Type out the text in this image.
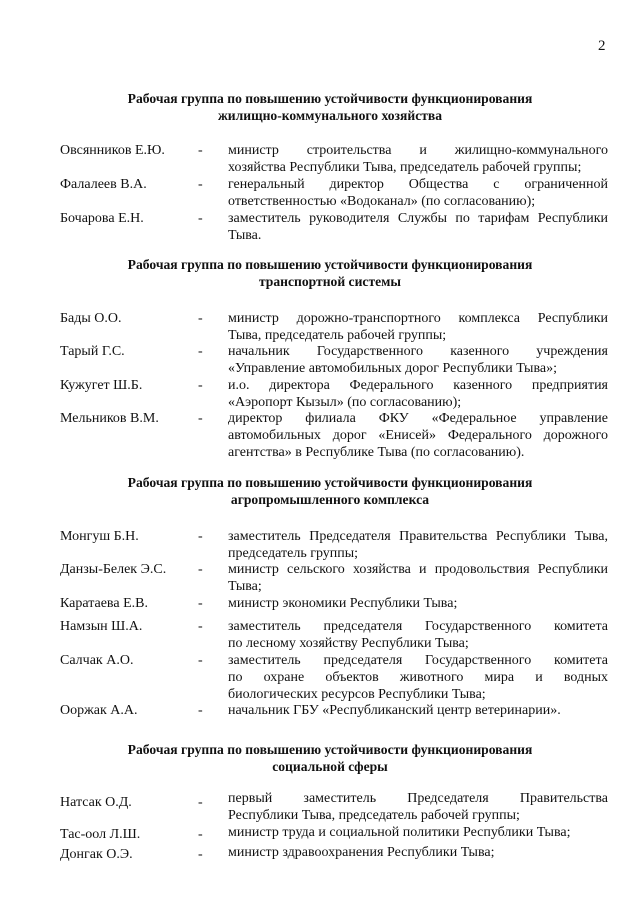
2
Рабочая группа по повышению устойчивости функционирования
жилищно-коммунального хозяйства
Овсянников Е.Ю. - министр строительства и жилищно-коммунального
хозяйства Республики Тыва, председатель рабочей группы;
Фалалеев В.А.	- генеральный директор Общества с ограниченной
ответственностью «Водоканал» (по согласованию);
Бочарова Е.Н.	- заместитель руководителя Службы по тарифам Республики
Тыва.
Рабочая группа по повышению устойчивости функционирования
транспортной системы
Бады О.О.	- министр дорожно-транспортного комплекса Республики
Тыва, председатель рабочей группы;
Тарый Г.С.	- начальник Государственного казенного учреждения
«Управление автомобильных дорог Республики Тыва»;
Кужугет Ш.Б.	- и.о. директора Федерального казенного предприятия
«Аэропорт Кызыл» (по согласованию);
Мельников В.М.	- директор филиала ФКУ «Федеральное управление
автомобильных дорог «Енисей» Федерального дорожного
агентства» в Республике Тыва (по согласованию).
Рабочая группа по повышению устойчивости функционирования
агропромышленного комплекса
Монгуш Б.Н.	- заместитель Председателя Правительства Республики Тыва,
председатель группы;
Данзы-Белек Э.С. - министр сельского хозяйства и продовольствия Республики
Тыва;
Каратаева Е.В.	- министр экономики Республики Тыва;
Намзын Ш.А.	- заместитель председателя Государственного комитета
по лесному хозяйству Республики Тыва;
Салчак А.О.	- заместитель председателя Государственного комитета
по охране объектов животного мира и водных
биологических ресурсов Республики Тыва;
Ооржак А.А.	- начальник ГБУ «Республиканский центр ветеринарии».
Рабочая группа по повышению устойчивости функционирования
социальной сферы
Натсак О.Д.	- первый заместитель Председателя Правительства
Республики Тыва, председатель рабочей группы;
Тас-оол Л.Ш.	- министр труда и социальной политики Республики Тыва;
Донгак О.Э.	- министр здравоохранения Республики Тыва;
